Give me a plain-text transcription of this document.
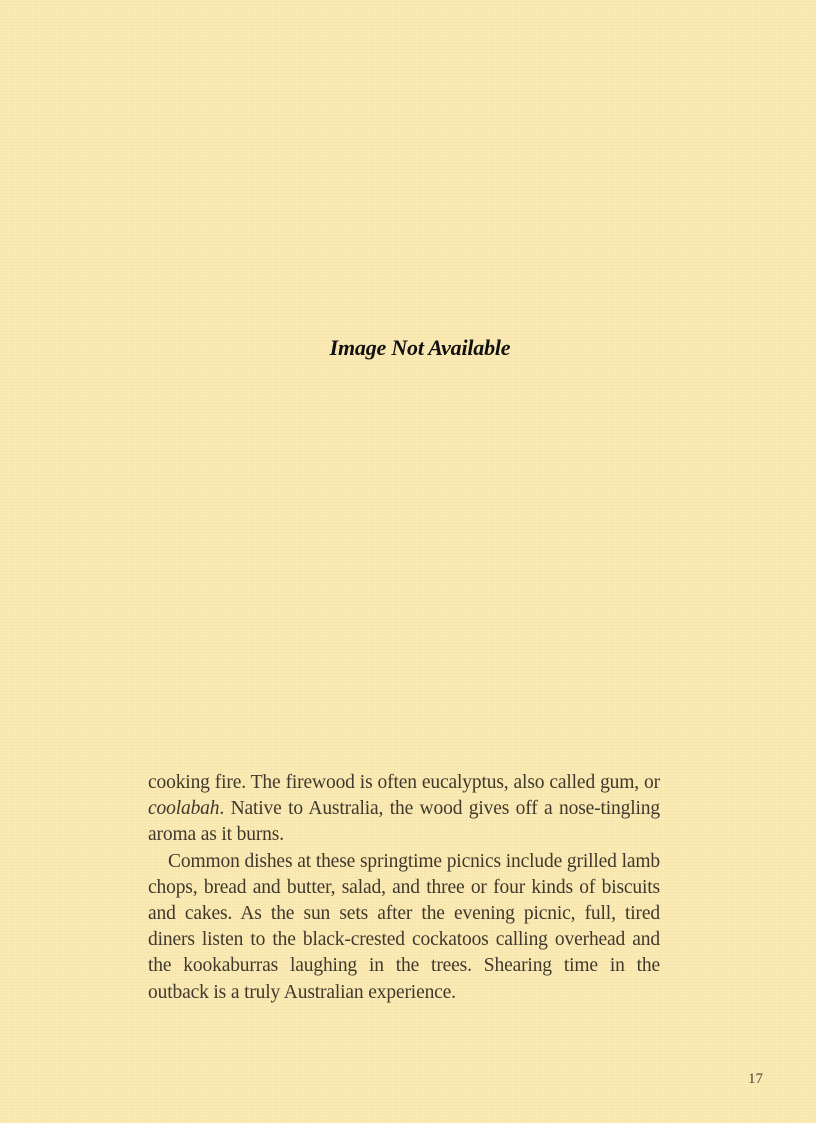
Image Not Available

cooking fire. The firewood is often eucalyptus, also called gum, or coolabah. Native to Australia, the wood gives off a nose-tingling aroma as it burns.

Common dishes at these springtime picnics include grilled lamb chops, bread and butter, salad, and three or four kinds of biscuits and cakes. As the sun sets after the evening picnic, full, tired diners listen to the black-crested cockatoos calling overhead and the kookaburras laughing in the trees. Shearing time in the outback is a truly Australian experience.

17
